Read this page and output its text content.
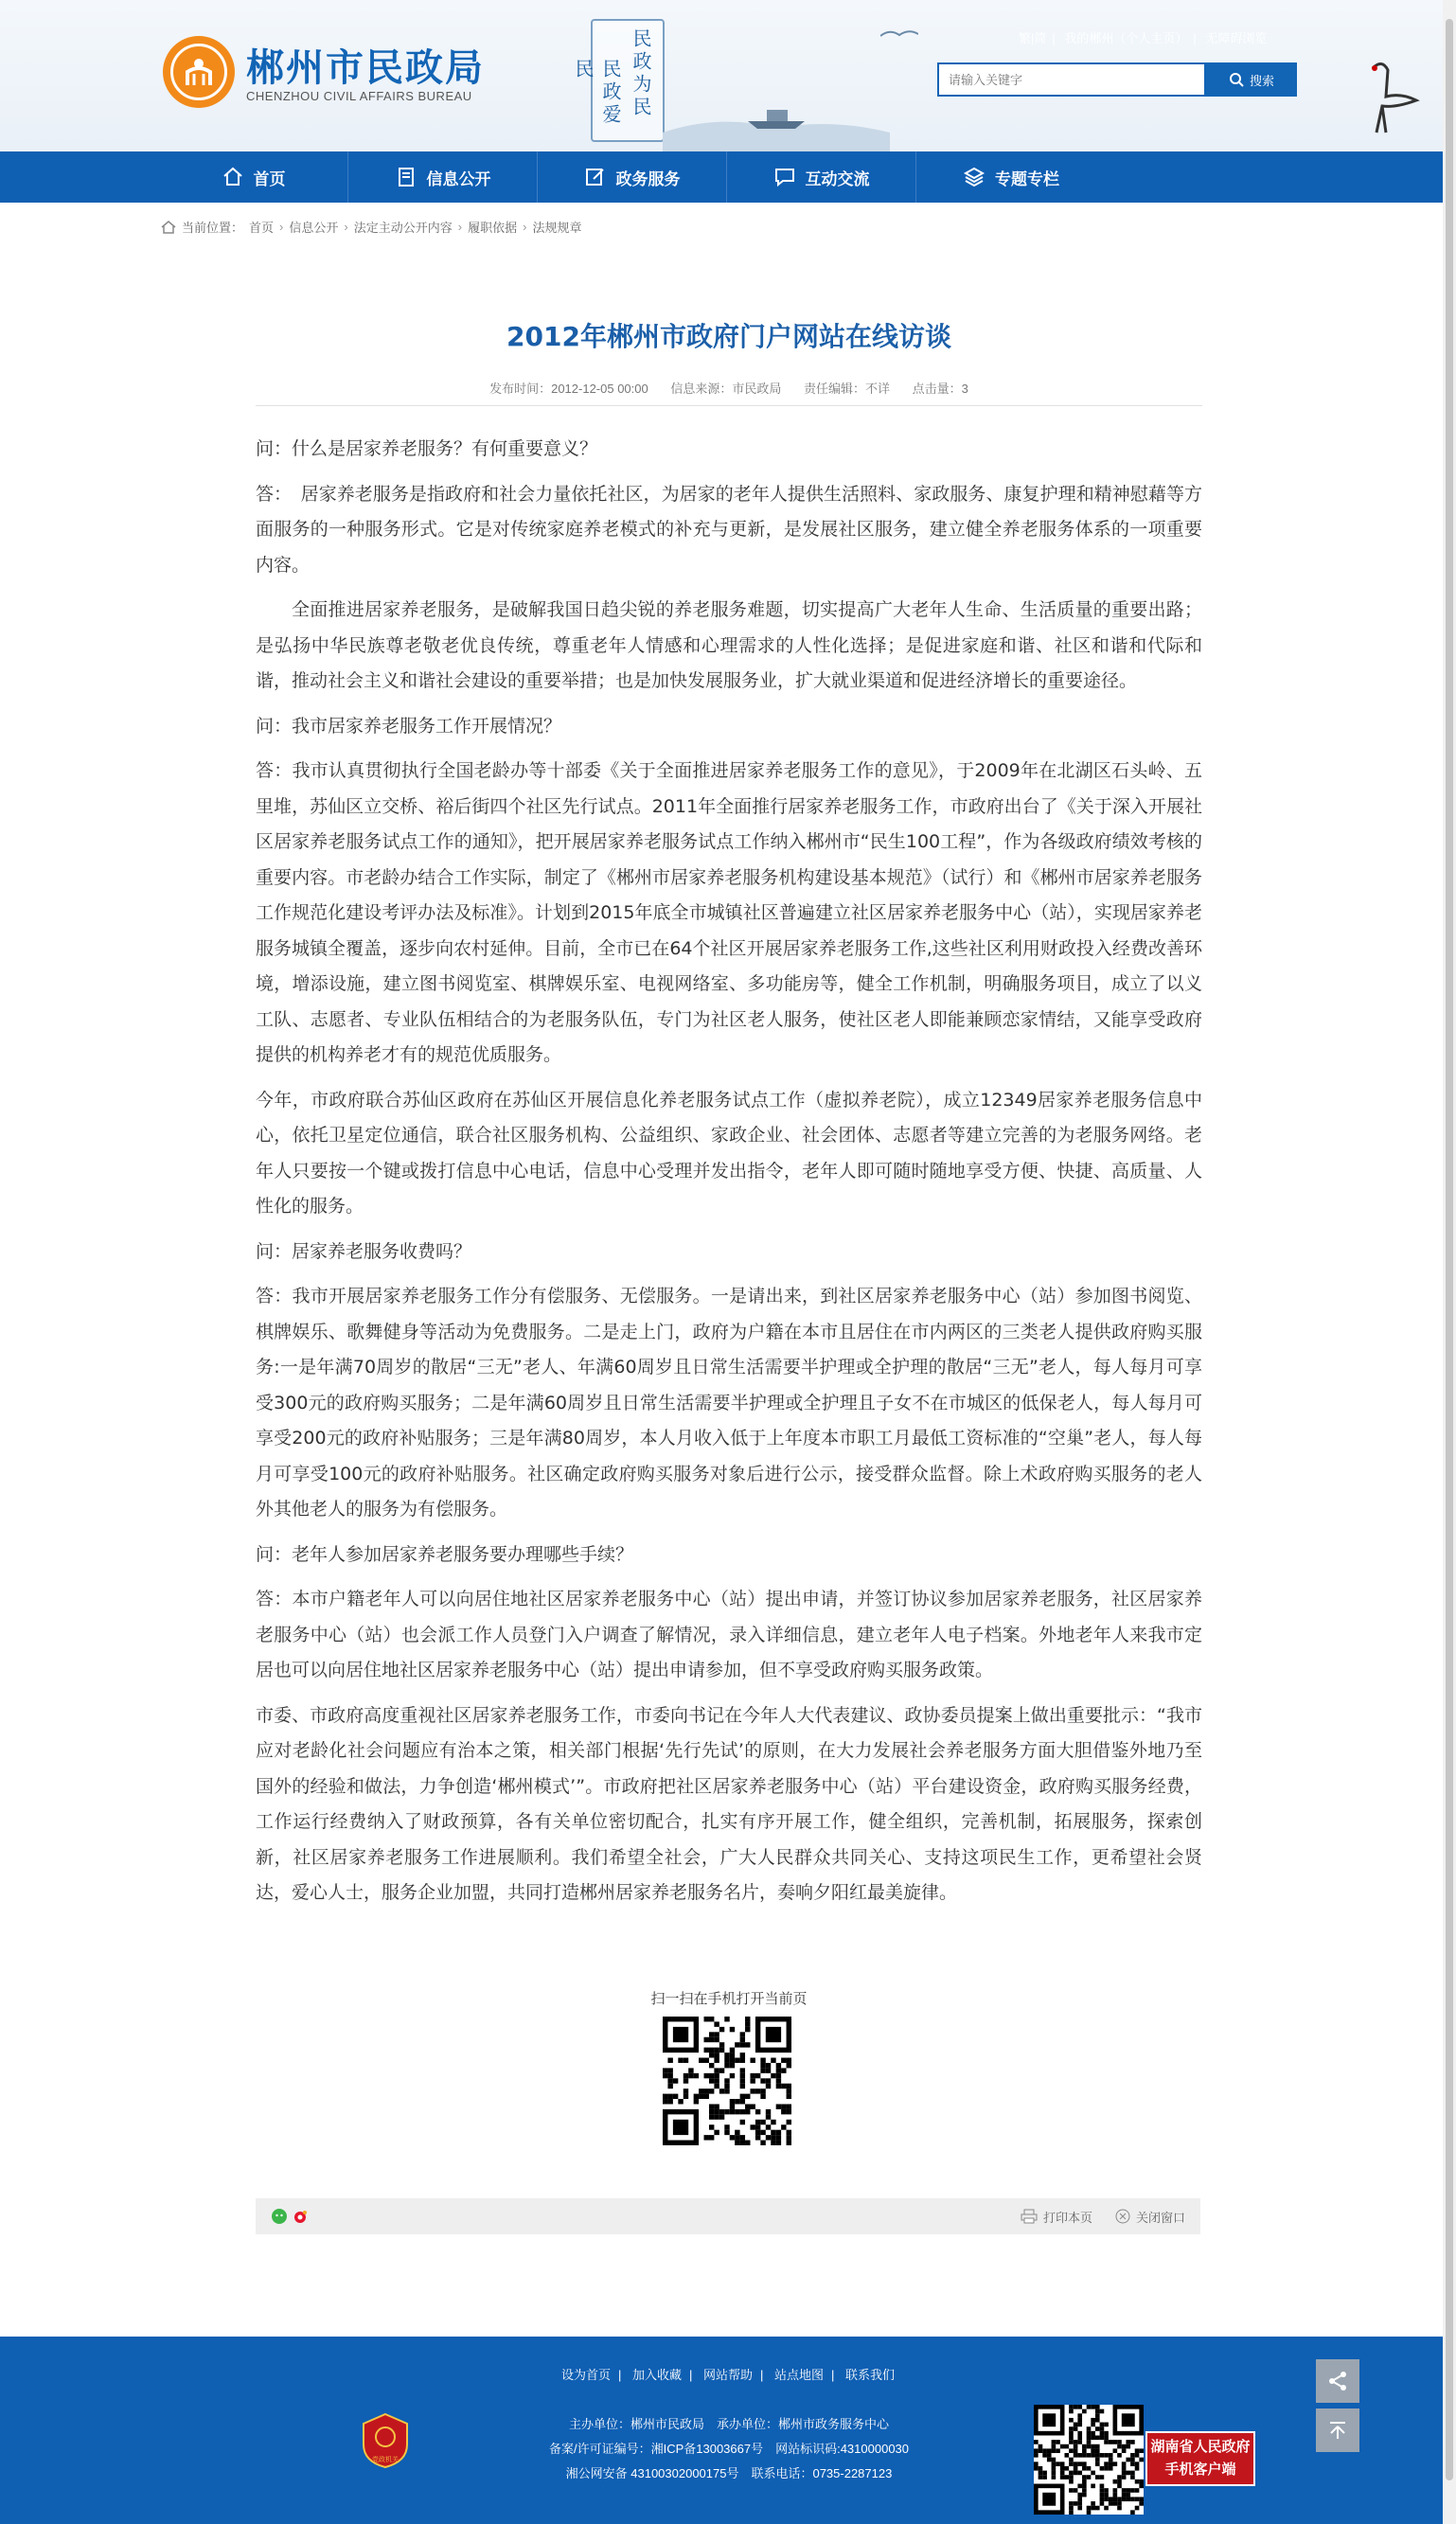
郴州市民政局
CHENZHOU CIVIL AFFAIRS BUREAU	民政为民
民政爱民
繁|简 | 我的郴州（个人主页） | 无障碍浏览
请输入关键字
搜索
首页	信息公开	政务服务	互动交流	专题专栏
当前位置： 首页 › 信息公开 › 法定主动公开内容 › 履职依据 › 法规规章
2012年郴州市政府门户网站在线访谈
发布时间：2012-12-05 00:00 信息来源：市民政局 责任编辑：不详 点击量：3

问：什么是居家养老服务？有何重要意义？

答：　居家养老服务是指政府和社会力量依托社区，为居家的老年人提供生活照料、家政服务、康复护理和精神慰藉等方面服务的一种服务形式。它是对传统家庭养老模式的补充与更新，是发展社区服务，建立健全养老服务体系的一项重要内容。

全面推进居家养老服务，是破解我国日趋尖锐的养老服务难题，切实提高广大老年人生命、生活质量的重要出路；是弘扬中华民族尊老敬老优良传统，尊重老年人情感和心理需求的人性化选择；是促进家庭和谐、社区和谐和代际和谐，推动社会主义和谐社会建设的重要举措；也是加快发展服务业，扩大就业渠道和促进经济增长的重要途径。

问：我市居家养老服务工作开展情况？

答：我市认真贯彻执行全国老龄办等十部委《关于全面推进居家养老服务工作的意见》，于2009年在北湖区石头岭、五里堆，苏仙区立交桥、裕后街四个社区先行试点。2011年全面推行居家养老服务工作，市政府出台了《关于深入开展社区居家养老服务试点工作的通知》，把开展居家养老服务试点工作纳入郴州市“民生100工程”，作为各级政府绩效考核的重要内容。市老龄办结合工作实际，制定了《郴州市居家养老服务机构建设基本规范》（试行）和《郴州市居家养老服务工作规范化建设考评办法及标准》。计划到2015年底全市城镇社区普遍建立社区居家养老服务中心（站），实现居家养老服务城镇全覆盖，逐步向农村延伸。目前，全市已在64个社区开展居家养老服务工作,这些社区利用财政投入经费改善环境，增添设施，建立图书阅览室、棋牌娱乐室、电视网络室、多功能房等，健全工作机制，明确服务项目，成立了以义工队、志愿者、专业队伍相结合的为老服务队伍，专门为社区老人服务，使社区老人即能兼顾恋家情结，又能享受政府提供的机构养老才有的规范优质服务。

今年，市政府联合苏仙区政府在苏仙区开展信息化养老服务试点工作（虚拟养老院），成立12349居家养老服务信息中心，依托卫星定位通信，联合社区服务机构、公益组织、家政企业、社会团体、志愿者等建立完善的为老服务网络。老年人只要按一个键或拨打信息中心电话，信息中心受理并发出指令，老年人即可随时随地享受方便、快捷、高质量、人性化的服务。

问：居家养老服务收费吗？

答：我市开展居家养老服务工作分有偿服务、无偿服务。一是请出来，到社区居家养老服务中心（站）参加图书阅览、棋牌娱乐、歌舞健身等活动为免费服务。二是走上门，政府为户籍在本市且居住在市内两区的三类老人提供政府购买服务:一是年满70周岁的散居“三无”老人、年满60周岁且日常生活需要半护理或全护理的散居“三无”老人，每人每月可享受300元的政府购买服务；二是年满60周岁且日常生活需要半护理或全护理且子女不在市城区的低保老人，每人每月可享受200元的政府补贴服务；三是年满80周岁，本人月收入低于上年度本市职工月最低工资标准的“空巢”老人，每人每月可享受100元的政府补贴服务。社区确定政府购买服务对象后进行公示，接受群众监督。除上术政府购买服务的老人外其他老人的服务为有偿服务。

问：老年人参加居家养老服务要办理哪些手续？

答：本市户籍老年人可以向居住地社区居家养老服务中心（站）提出申请，并签订协议参加居家养老服务，社区居家养老服务中心（站）也会派工作人员登门入户调查了解情况，录入详细信息，建立老年人电子档案。外地老年人来我市定居也可以向居住地社区居家养老服务中心（站）提出申请参加，但不享受政府购买服务政策。

市委、市政府高度重视社区居家养老服务工作，市委向书记在今年人大代表建议、政协委员提案上做出重要批示：“我市应对老龄化社会问题应有治本之策，相关部门根据‘先行先试’的原则，在大力发展社会养老服务方面大胆借鉴外地乃至国外的经验和做法，力争创造‘郴州模式’”。市政府把社区居家养老服务中心（站）平台建设资金，政府购买服务经费，工作运行经费纳入了财政预算，各有关单位密切配合，扎实有序开展工作，健全组织，完善机制，拓展服务，探索创新，社区居家养老服务工作进展顺利。我们希望全社会，广大人民群众共同关心、支持这项民生工作，更希望社会贤达，爱心人士，服务企业加盟，共同打造郴州居家养老服务名片，奏响夕阳红最美旋律。

扫一扫在手机打开当前页
打印本页	关闭窗口
设为首页 | 加入收藏 | 网站帮助 | 站点地图 | 联系我们
党政机关
主办单位：郴州市民政局　承办单位：郴州市政务服务中心
备案/许可证编号：湘ICP备13003667号　网站标识码:4310000030
湘公网安备 43100302000175号　联系电话：0735-2287123
湖南省人民政府
手机客户端
